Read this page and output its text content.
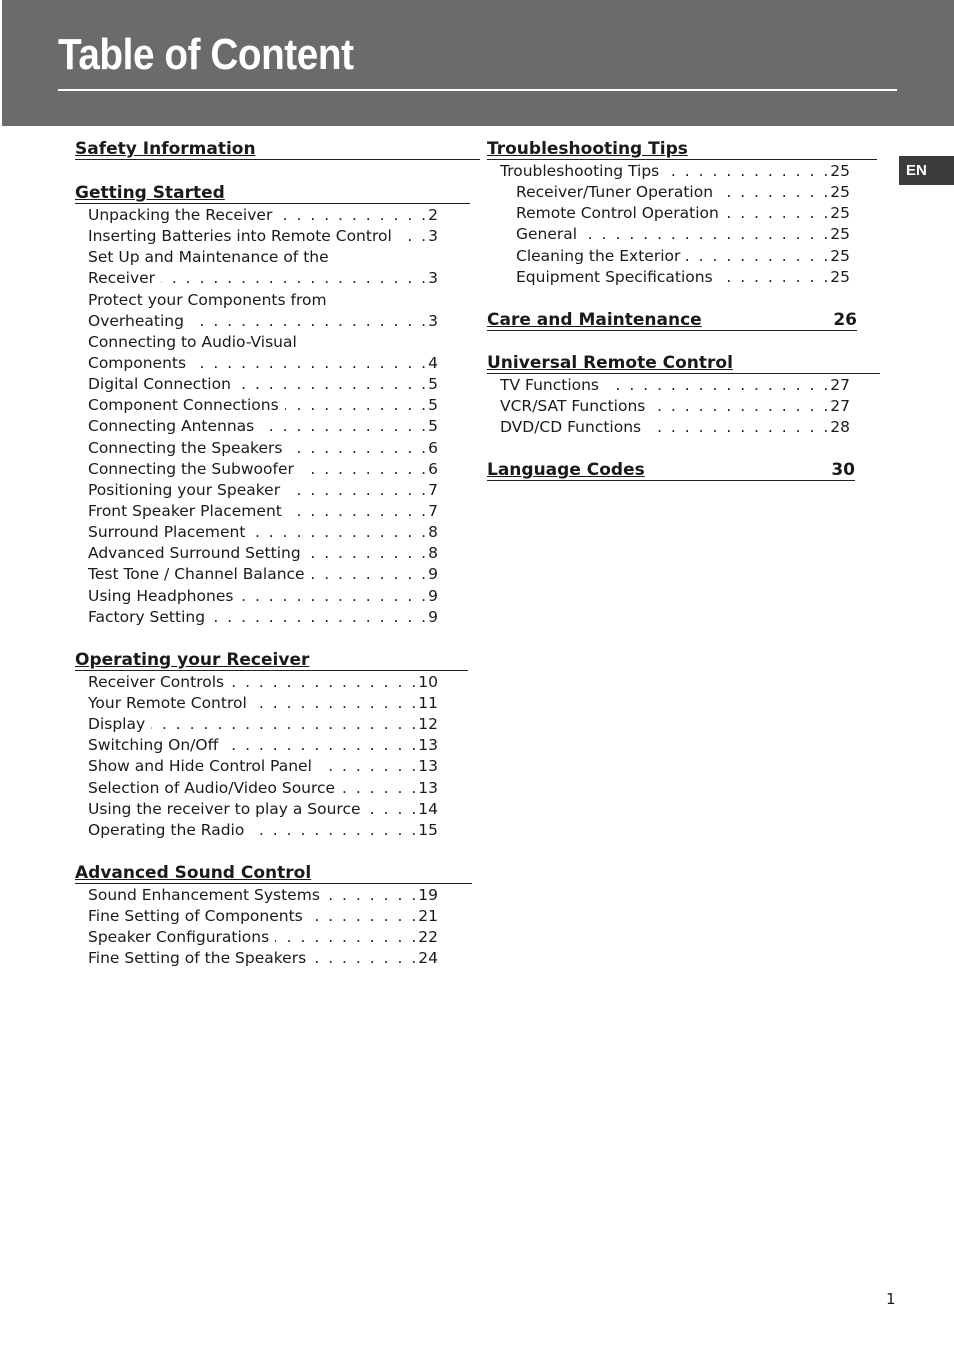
Table of Content
EN
Safety Information
Getting Started
Unpacking the Receiver . . .	2
Inserting Batteries into Remote Control . . .	3
Set Up and Maintenance of the
Receiver . . .	3
Protect your Components from
Overheating . . .	3
Connecting to Audio-Visual
Components . . .	4
Digital Connection . . .	5
Component Connections . . .	5
Connecting Antennas . . .	5
Connecting the Speakers . . .	6
Connecting the Subwoofer . . .	6
Positioning your Speaker . . .	7
Front Speaker Placement . . .	7
Surround Placement . . .	8
Advanced Surround Setting . . .	8
Test Tone / Channel Balance . . .	9
Using Headphones . . .	9
Factory Setting . . .	9
Operating your Receiver
Receiver Controls . . .	10
Your Remote Control . . .	11
Display . . .	12
Switching On/Off . . .	13
Show and Hide Control Panel . . .	13
Selection of Audio/Video Source . . .	13
Using the receiver to play a Source . . .	14
Operating the Radio . . .	15
Advanced Sound Control
Sound Enhancement Systems . . .	19
Fine Setting of Components . . .	21
Speaker Configurations . . .	22
Fine Setting of the Speakers . . .	24
Troubleshooting Tips
Troubleshooting Tips . . .	25
Receiver/Tuner Operation . . .	25
Remote Control Operation . . .	25
General . . .	25
Cleaning the Exterior . . .	25
Equipment Specifications . . .	25
Care and Maintenance	26
Universal Remote Control
TV Functions . . .	27
VCR/SAT Functions . . .	27
DVD/CD Functions . . .	28
Language Codes	30
1
